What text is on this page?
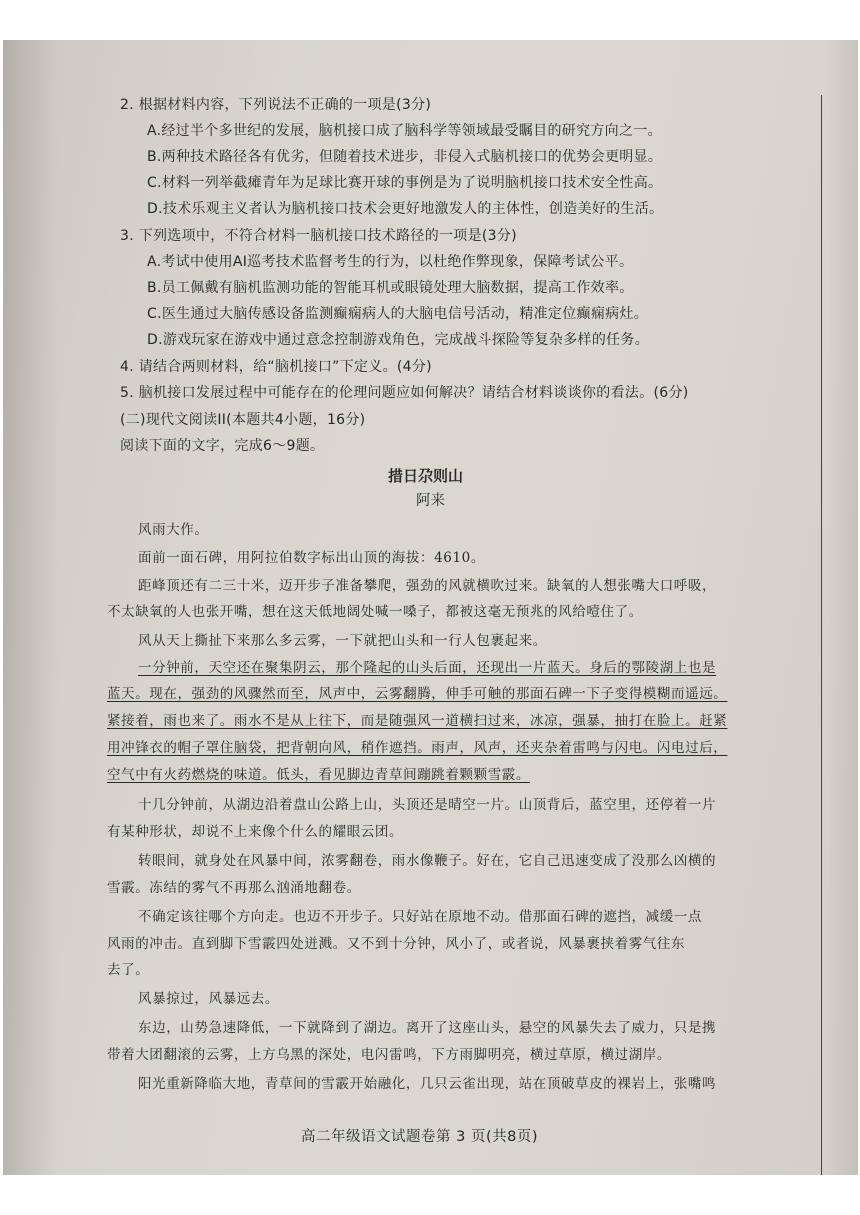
2. 根据材料内容，下列说法不正确的一项是(3分)
A.经过半个多世纪的发展，脑机接口成了脑科学等领域最受瞩目的研究方向之一。
B.两种技术路径各有优劣，但随着技术进步，非侵入式脑机接口的优势会更明显。
C.材料一列举截瘫青年为足球比赛开球的事例是为了说明脑机接口技术安全性高。
D.技术乐观主义者认为脑机接口技术会更好地激发人的主体性，创造美好的生活。
3. 下列选项中，不符合材料一脑机接口技术路径的一项是(3分)
A.考试中使用AI巡考技术监督考生的行为，以杜绝作弊现象，保障考试公平。
B.员工佩戴有脑机监测功能的智能耳机或眼镜处理大脑数据，提高工作效率。
C.医生通过大脑传感设备监测癫痫病人的大脑电信号活动，精准定位癫痫病灶。
D.游戏玩家在游戏中通过意念控制游戏角色，完成战斗探险等复杂多样的任务。
4. 请结合两则材料，给“脑机接口”下定义。(4分)
5. 脑机接口发展过程中可能存在的伦理问题应如何解决？请结合材料谈谈你的看法。(6分)
(二)现代文阅读II(本题共4小题，16分)
阅读下面的文字，完成6～9题。
措日尕则山
阿来
风雨大作。
面前一面石碑，用阿拉伯数字标出山顶的海拔：4610。
距峰顶还有二三十米，迈开步子准备攀爬，强劲的风就横吹过来。缺氧的人想张嘴大口呼吸，
不太缺氧的人也张开嘴，想在这天低地阔处喊一嗓子，都被这毫无预兆的风给噎住了。
风从天上撕扯下来那么多云雾，一下就把山头和一行人包裹起来。
一分钟前，天空还在聚集阴云，那个隆起的山头后面，还现出一片蓝天。身后的鄂陵湖上也是
蓝天。现在，强劲的风骤然而至，风声中，云雾翻腾，伸手可触的那面石碑一下子变得模糊而遥远。
紧接着，雨也来了。雨水不是从上往下，而是随强风一道横扫过来，冰凉，强暴，抽打在脸上。赶紧
用冲锋衣的帽子罩住脑袋，把背朝向风，稍作遮挡。雨声，风声，还夹杂着雷鸣与闪电。闪电过后，
空气中有火药燃烧的味道。低头，看见脚边青草间蹦跳着颗颗雪霰。
十几分钟前，从湖边沿着盘山公路上山，头顶还是晴空一片。山顶背后，蓝空里，还停着一片
有某种形状，却说不上来像个什么的耀眼云团。
转眼间，就身处在风暴中间，浓雾翻卷，雨水像鞭子。好在，它自己迅速变成了没那么凶横的
雪霰。冻结的雾气不再那么汹涌地翻卷。
不确定该往哪个方向走。也迈不开步子。只好站在原地不动。借那面石碑的遮挡，减缓一点
风雨的冲击。直到脚下雪霰四处迸溅。又不到十分钟，风小了，或者说，风暴裹挟着雾气往东
去了。
风暴掠过，风暴远去。
东边，山势急速降低，一下就降到了湖边。离开了这座山头，悬空的风暴失去了威力，只是携
带着大团翻滚的云雾，上方乌黑的深处，电闪雷鸣，下方雨脚明亮，横过草原，横过湖岸。
阳光重新降临大地，青草间的雪霰开始融化，几只云雀出现，站在顶破草皮的裸岩上，张嘴鸣
高二年级语文试题卷第 3 页(共8页)
